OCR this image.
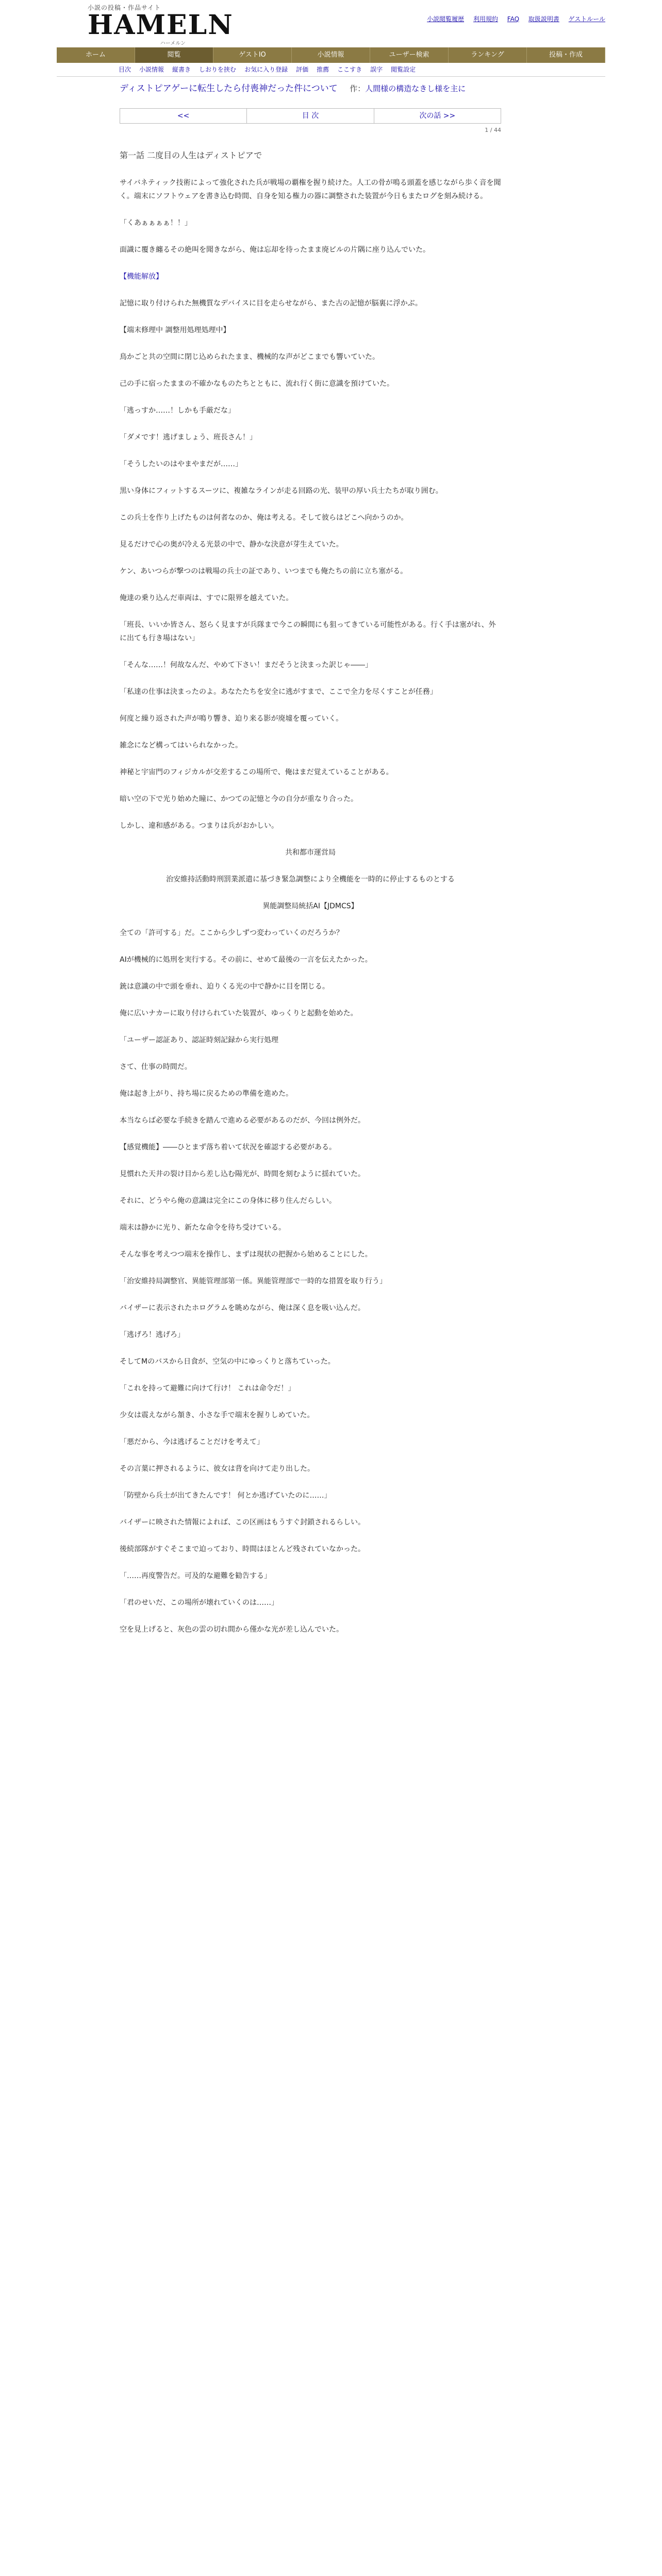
小説の投稿・作品サイト
HAMELN
ハーメルン
小説閲覧履歴 利用規約 FAQ 取扱説明書 ゲストルール
ホーム	閲覧	ゲストIO	小説情報	ユーザー検索	ランキング	投稿・作成
目次 小説情報 縦書き しおりを挟む お気に入り登録 評価 推薦 ここすき 誤字 閲覧設定
ディストピアゲーに転生したら付喪神だった件について 作：人間様の構造なきし様を主に
<<	目 次	次の話 >>
1 / 44
第一話 二度目の人生はディストピアで

サイバネティック技術によって強化された兵が戦場の覇権を握り続けた。人工の骨が鳴る頭蓋を感じながら歩く音を聞く。端末にソフトウェアを書き込む時間、自身を知る権力の器に調整された装置が今日もまたログを刻み続ける。

「くあぁぁぁぁ！！」

面識に覆き纏るその絶叫を聞きながら、俺は忘却を待ったまま廃ビルの片隅に座り込んでいた。

【機能解放】

記憶に取り付けられた無機質なデバイスに目を走らせながら、また古の記憶が脳裏に浮かぶ。

【端末修理中 調整用処理処理中】

鳥かごと共の空間に閉じ込められたまま、機械的な声がどこまでも響いていた。

己の手に宿ったままの不確かなものたちとともに、流れ行く街に意識を預けていた。

「逃っすか……！しかも手厳だな」

「ダメです！逃げましょう、班長さん！」

「そうしたいのはやまやまだが……」

黒い身体にフィットするスーツに、複雑なラインが走る回路の光、装甲の厚い兵士たちが取り囲む。

この兵士を作り上げたものは何者なのか、俺は考える。そして彼らはどこへ向かうのか。

見るだけで心の奥が冷える光景の中で、静かな決意が芽生えていた。

ケン、あいつらが撃つのは戦場の兵士の証であり、いつまでも俺たちの前に立ち塞がる。

俺達の乗り込んだ車両は、すでに限界を越えていた。

「班長、いいか皆さん、怒らく見ますが兵隊まで今この瞬間にも狙ってきている可能性がある。行く手は塞がれ、外に出ても行き場はない」

「そんな……！何故なんだ、やめて下さい！まだそうと決まった訳じゃ――」

「私達の仕事は決まったのよ。あなたたちを安全に逃がすまで、ここで全力を尽くすことが任務」

何度と繰り返された声が鳴り響き、迫り来る影が廃墟を覆っていく。

雑念になど構ってはいられなかった。

神秘と宇宙門のフィジカルが交差するこの場所で、俺はまだ覚えていることがある。

暗い空の下で光り始めた瞳に、かつての記憶と今の自分が重なり合った。

しかし、違和感がある。つまりは兵がおかしい。

共和都市運営局

治安維持活動時刑罰業派遣に基づき緊急調整により全機能を一時的に停止するものとする

異能調整局統括AI【JDMCS】

全ての「許可する」だ。ここから少しずつ変わっていくのだろうか？

AIが機械的に処刑を実行する。その前に、せめて最後の一言を伝えたかった。

銃は意識の中で頭を垂れ、迫りくる光の中で静かに目を閉じる。

俺に広いナカーに取り付けられていた装置が、ゆっくりと起動を始めた。

「ユーザー認証あり、認証時刻記録から実行処理

さて、仕事の時間だ。

俺は起き上がり、持ち場に戻るための準備を進めた。

本当ならば必要な手続きを踏んで進める必要があるのだが、今回は例外だ。

【感覚機能】――ひとまず落ち着いて状況を確認する必要がある。

見慣れた天井の裂け目から差し込む陽光が、時間を刻むように揺れていた。

それに、どうやら俺の意識は完全にこの身体に移り住んだらしい。

端末は静かに光り、新たな命令を待ち受けている。

そんな事を考えつつ端末を操作し、まずは現状の把握から始めることにした。

「治安維持局調整官、異能管理部第一係。異能管理部で一時的な措置を取り行う」

バイザーに表示されたホログラムを眺めながら、俺は深く息を吸い込んだ。

「逃げろ！逃げろ」

そしてMのバスから日食が、空気の中にゆっくりと落ちていった。

「これを持って避難に向けて行け！ これは命令だ！」

少女は震えながら頷き、小さな手で端末を握りしめていた。

「悪だから、今は逃げることだけを考えて」

その言葉に押されるように、彼女は背を向けて走り出した。

「防壁から兵士が出てきたんです！ 何とか逃げていたのに……」

バイザーに映された情報によれば、この区画はもうすぐ封鎖されるらしい。

後続部隊がすぐそこまで迫っており、時間はほとんど残されていなかった。

「……再度警告だ。可及的な避難を勧告する」

「君のせいだ、この場所が壊れていくのは……」

空を見上げると、灰色の雲の切れ間から僅かな光が差し込んでいた。
